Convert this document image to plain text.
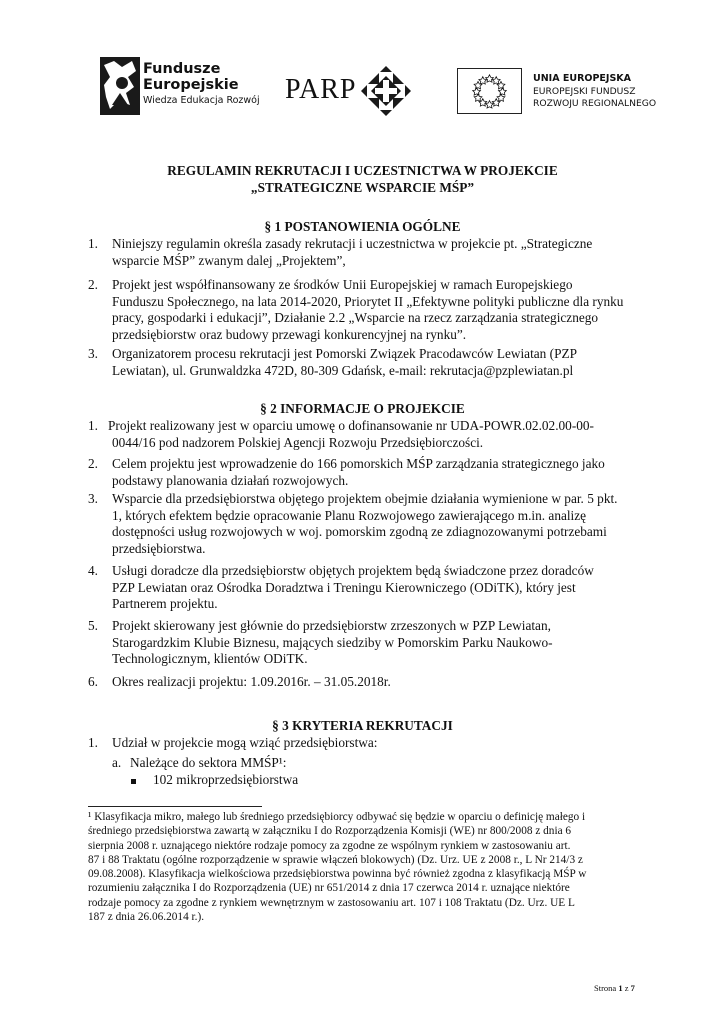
Fundusze
Europejskie
Wiedza Edukacja Rozwój PARP	UNIA EUROPEJSKA
EUROPEJSKI FUNDUSZ
ROZWOJU REGIONALNEGO
REGULAMIN REKRUTACJI I UCZESTNICTWA W PROJEKCIE
„STRATEGICZNE WSPARCIE MŚP”
§ 1 POSTANOWIENIA OGÓLNE
1. Niniejszy regulamin określa zasady rekrutacji i uczestnictwa w projekcie pt. „Strategiczne
wsparcie MŚP” zwanym dalej „Projektem”,
2. Projekt jest współfinansowany ze środków Unii Europejskiej w ramach Europejskiego
Funduszu Społecznego, na lata 2014-2020, Priorytet II „Efektywne polityki publiczne dla rynku
pracy, gospodarki i edukacji”, Działanie 2.2 „Wsparcie na rzecz zarządzania strategicznego
przedsiębiorstw oraz budowy przewagi konkurencyjnej na rynku”.
3. Organizatorem procesu rekrutacji jest Pomorski Związek Pracodawców Lewiatan (PZP
Lewiatan), ul. Grunwaldzka 472D, 80-309 Gdańsk, e-mail: rekrutacja@pzplewiatan.pl
§ 2 INFORMACJE O PROJEKCIE
1. Projekt realizowany jest w oparciu umowę o dofinansowanie nr UDA-POWR.02.02.00-00-
0044/16 pod nadzorem Polskiej Agencji Rozwoju Przedsiębiorczości.
2. Celem projektu jest wprowadzenie do 166 pomorskich MŚP zarządzania strategicznego jako
podstawy planowania działań rozwojowych.
3. Wsparcie dla przedsiębiorstwa objętego projektem obejmie działania wymienione w par. 5 pkt.
1, których efektem będzie opracowanie Planu Rozwojowego zawierającego m.in. analizę
dostępności usług rozwojowych w woj. pomorskim zgodną ze zdiagnozowanymi potrzebami
przedsiębiorstwa.
4. Usługi doradcze dla przedsiębiorstw objętych projektem będą świadczone przez doradców
PZP Lewiatan oraz Ośrodka Doradztwa i Treningu Kierowniczego (ODiTK), który jest
Partnerem projektu.
5. Projekt skierowany jest głównie do przedsiębiorstw zrzeszonych w PZP Lewiatan,
Starogardzkim Klubie Biznesu, mających siedziby w Pomorskim Parku Naukowo-
Technologicznym, klientów ODiTK.
6. Okres realizacji projektu: 1.09.2016r. – 31.05.2018r.
§ 3 KRYTERIA REKRUTACJI
1. Udział w projekcie mogą wziąć przedsiębiorstwa:
a. Należące do sektora MMŚP¹:
102 mikroprzedsiębiorstwa
¹ Klasyfikacja mikro, małego lub średniego przedsiębiorcy odbywać się będzie w oparciu o definicję małego i
średniego przedsiębiorstwa zawartą w załączniku I do Rozporządzenia Komisji (WE) nr 800/2008 z dnia 6
sierpnia 2008 r. uznającego niektóre rodzaje pomocy za zgodne ze wspólnym rynkiem w zastosowaniu art.
87 i 88 Traktatu (ogólne rozporządzenie w sprawie włączeń blokowych) (Dz. Urz. UE z 2008 r., L Nr 214/3 z
09.08.2008). Klasyfikacja wielkościowa przedsiębiorstwa powinna być również zgodna z klasyfikacją MŚP w
rozumieniu załącznika I do Rozporządzenia (UE) nr 651/2014 z dnia 17 czerwca 2014 r. uznające niektóre
rodzaje pomocy za zgodne z rynkiem wewnętrznym w zastosowaniu art. 107 i 108 Traktatu (Dz. Urz. UE L
187 z dnia 26.06.2014 r.).
Strona 1 z 7
